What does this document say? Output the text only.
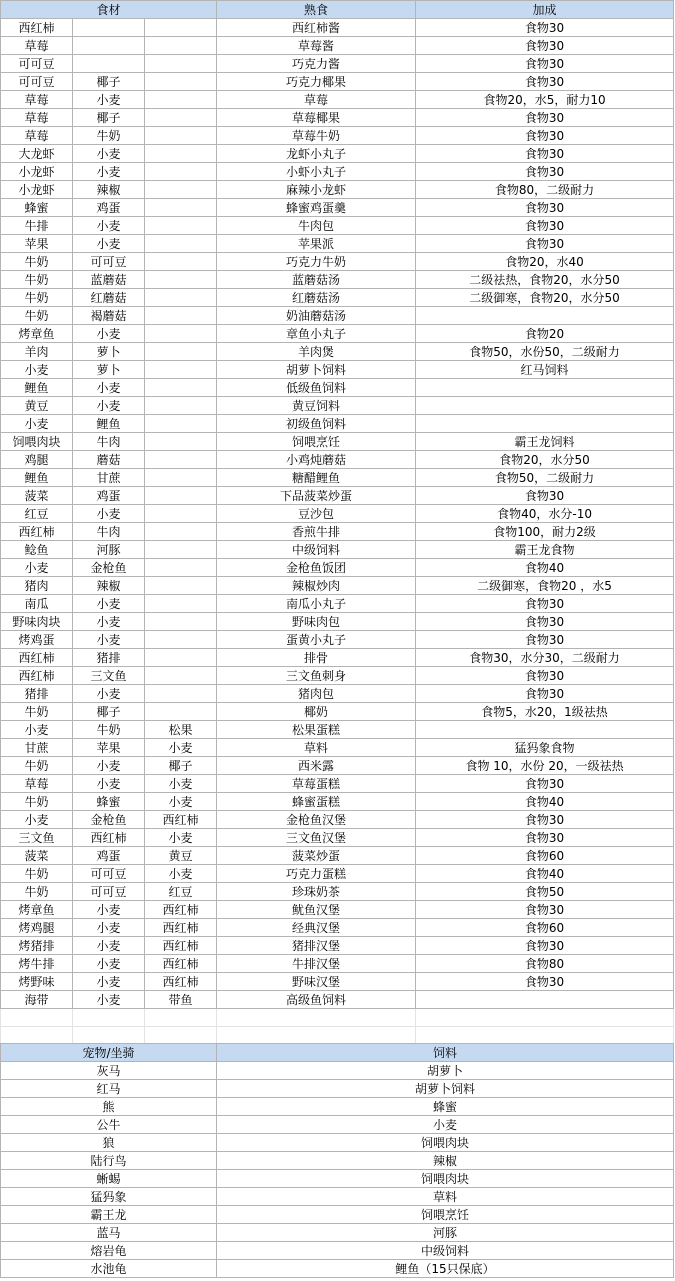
食材			熟食	加成
西红柿			西红柿酱	食物30
草莓			草莓酱	食物30
可可豆			巧克力酱	食物30
可可豆	椰子		巧克力椰果	食物30
草莓	小麦		草莓	食物20，水5，耐力10
草莓	椰子		草莓椰果	食物30
草莓	牛奶		草莓牛奶	食物30
大龙虾	小麦		龙虾小丸子	食物30
小龙虾	小麦		小虾小丸子	食物30
小龙虾	辣椒		麻辣小龙虾	食物80，二级耐力
蜂蜜	鸡蛋		蜂蜜鸡蛋羹	食物30
牛排	小麦		牛肉包	食物30
苹果	小麦		苹果派	食物30
牛奶	可可豆		巧克力牛奶	食物20，水40
牛奶	蓝蘑菇		蓝蘑菇汤	二级祛热，食物20，水分50
牛奶	红蘑菇		红蘑菇汤	二级御寒，食物20，水分50
牛奶	褐蘑菇		奶油蘑菇汤	
烤章鱼	小麦		章鱼小丸子	食物20
羊肉	萝卜		羊肉煲	食物50，水份50，二级耐力
小麦	萝卜		胡萝卜饲料	红马饲料
鲤鱼	小麦		低级鱼饲料	
黄豆	小麦		黄豆饲料	
小麦	鲤鱼		初级鱼饲料	
饲喂肉块	牛肉		饲喂烹饪	霸王龙饲料
鸡腿	蘑菇		小鸡炖蘑菇	食物20，水分50
鲤鱼	甘蔗		糖醋鲤鱼	食物50，二级耐力
菠菜	鸡蛋		下品菠菜炒蛋	食物30
红豆	小麦		豆沙包	食物40，水分-10
西红柿	牛肉		香煎牛排	食物100，耐力2级
鲶鱼	河豚		中级饲料	霸王龙食物
小麦	金枪鱼		金枪鱼饭团	食物40
猪肉	辣椒		辣椒炒肉	二级御寒，食物20 ，水5
南瓜	小麦		南瓜小丸子	食物30
野味肉块	小麦		野味肉包	食物30
烤鸡蛋	小麦		蛋黄小丸子	食物30
西红柿	猪排		排骨	食物30，水分30，二级耐力
西红柿	三文鱼		三文鱼刺身	食物30
猪排	小麦		猪肉包	食物30
牛奶	椰子		椰奶	食物5，水20，1级祛热
小麦	牛奶	松果	松果蛋糕	
甘蔗	苹果	小麦	草料	猛犸象食物
牛奶	小麦	椰子	西米露	食物 10，水份 20，一级祛热
草莓	小麦	小麦	草莓蛋糕	食物30
牛奶	蜂蜜	小麦	蜂蜜蛋糕	食物40
小麦	金枪鱼	西红柿	金枪鱼汉堡	食物30
三文鱼	西红柿	小麦	三文鱼汉堡	食物30
菠菜	鸡蛋	黄豆	菠菜炒蛋	食物60
牛奶	可可豆	小麦	巧克力蛋糕	食物40
牛奶	可可豆	红豆	珍珠奶茶	食物50
烤章鱼	小麦	西红柿	鱿鱼汉堡	食物30
烤鸡腿	小麦	西红柿	经典汉堡	食物60
烤猪排	小麦	西红柿	猪排汉堡	食物30
烤牛排	小麦	西红柿	牛排汉堡	食物80
烤野味	小麦	西红柿	野味汉堡	食物30
海带	小麦	带鱼	高级鱼饲料	

宠物/坐骑	饲料
灰马	胡萝卜
红马	胡萝卜饲料
熊	蜂蜜
公牛	小麦
狼	饲喂肉块
陆行鸟	辣椒
蜥蜴	饲喂肉块
猛犸象	草料
霸王龙	饲喂烹饪
蓝马	河豚
熔岩龟	中级饲料
水池龟	鲤鱼（15只保底）
